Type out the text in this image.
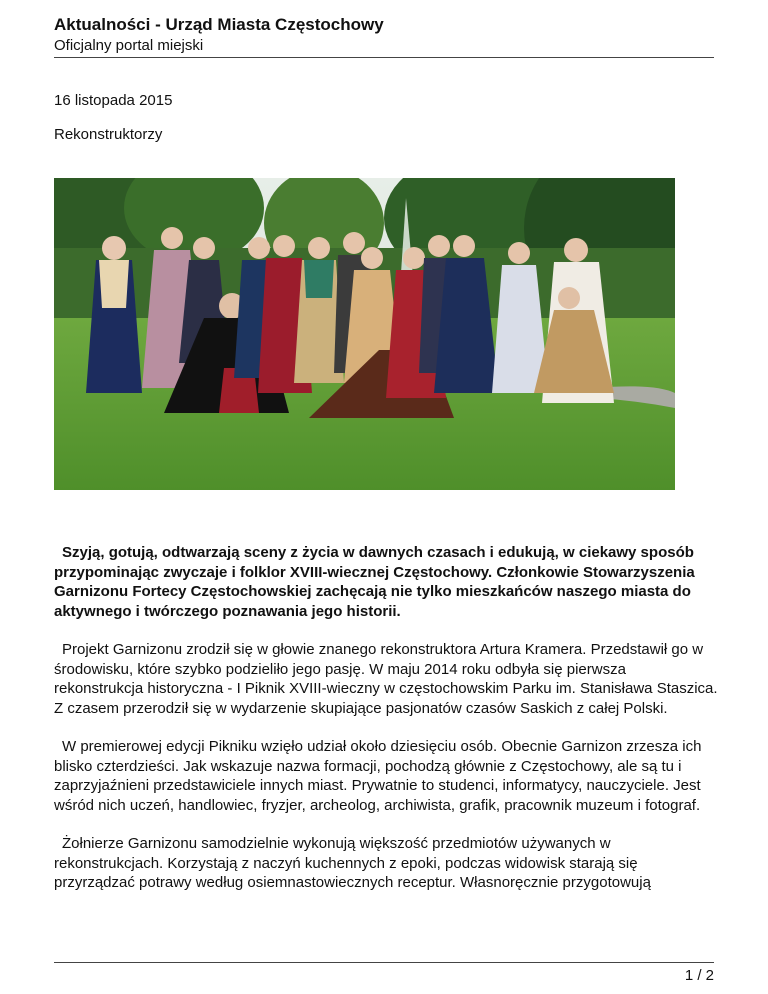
Aktualności - Urząd Miasta Częstochowy
Oficjalny portal miejski
16 listopada 2015
Rekonstruktorzy

Szyją, gotują, odtwarzają sceny z życia w dawnych czasach i edukują, w ciekawy sposób przypominając zwyczaje i folklor XVIII-wiecznej Częstochowy. Członkowie Stowarzyszenia Garnizonu Fortecy Częstochowskiej zachęcają nie tylko mieszkańców naszego miasta do aktywnego i twórczego poznawania jego historii.

Projekt Garnizonu zrodził się w głowie znanego rekonstruktora Artura Kramera. Przedstawił go w środowisku, które szybko podzieliło jego pasję. W maju 2014 roku odbyła się pierwsza rekonstrukcja historyczna - I Piknik XVIII-wieczny w częstochowskim Parku im. Stanisława Staszica. Z czasem przerodził się w wydarzenie skupiające pasjonatów czasów Saskich z całej Polski.

W premierowej edycji Pikniku wzięło udział około dziesięciu osób. Obecnie Garnizon zrzesza ich blisko czterdzieści. Jak wskazuje nazwa formacji, pochodzą głównie z Częstochowy, ale są tu i zaprzyjaźnieni przedstawiciele innych miast. Prywatnie to studenci, informatycy, nauczyciele. Jest wśród nich uczeń, handlowiec, fryzjer, archeolog, archiwista, grafik, pracownik muzeum i fotograf.

Żołnierze Garnizonu samodzielnie wykonują większość przedmiotów używanych w rekonstrukcjach. Korzystają z naczyń kuchennych z epoki, podczas widowisk starają się przyrządzać potrawy według osiemnastowiecznych receptur. Własnoręcznie przygotowują

1 / 2
